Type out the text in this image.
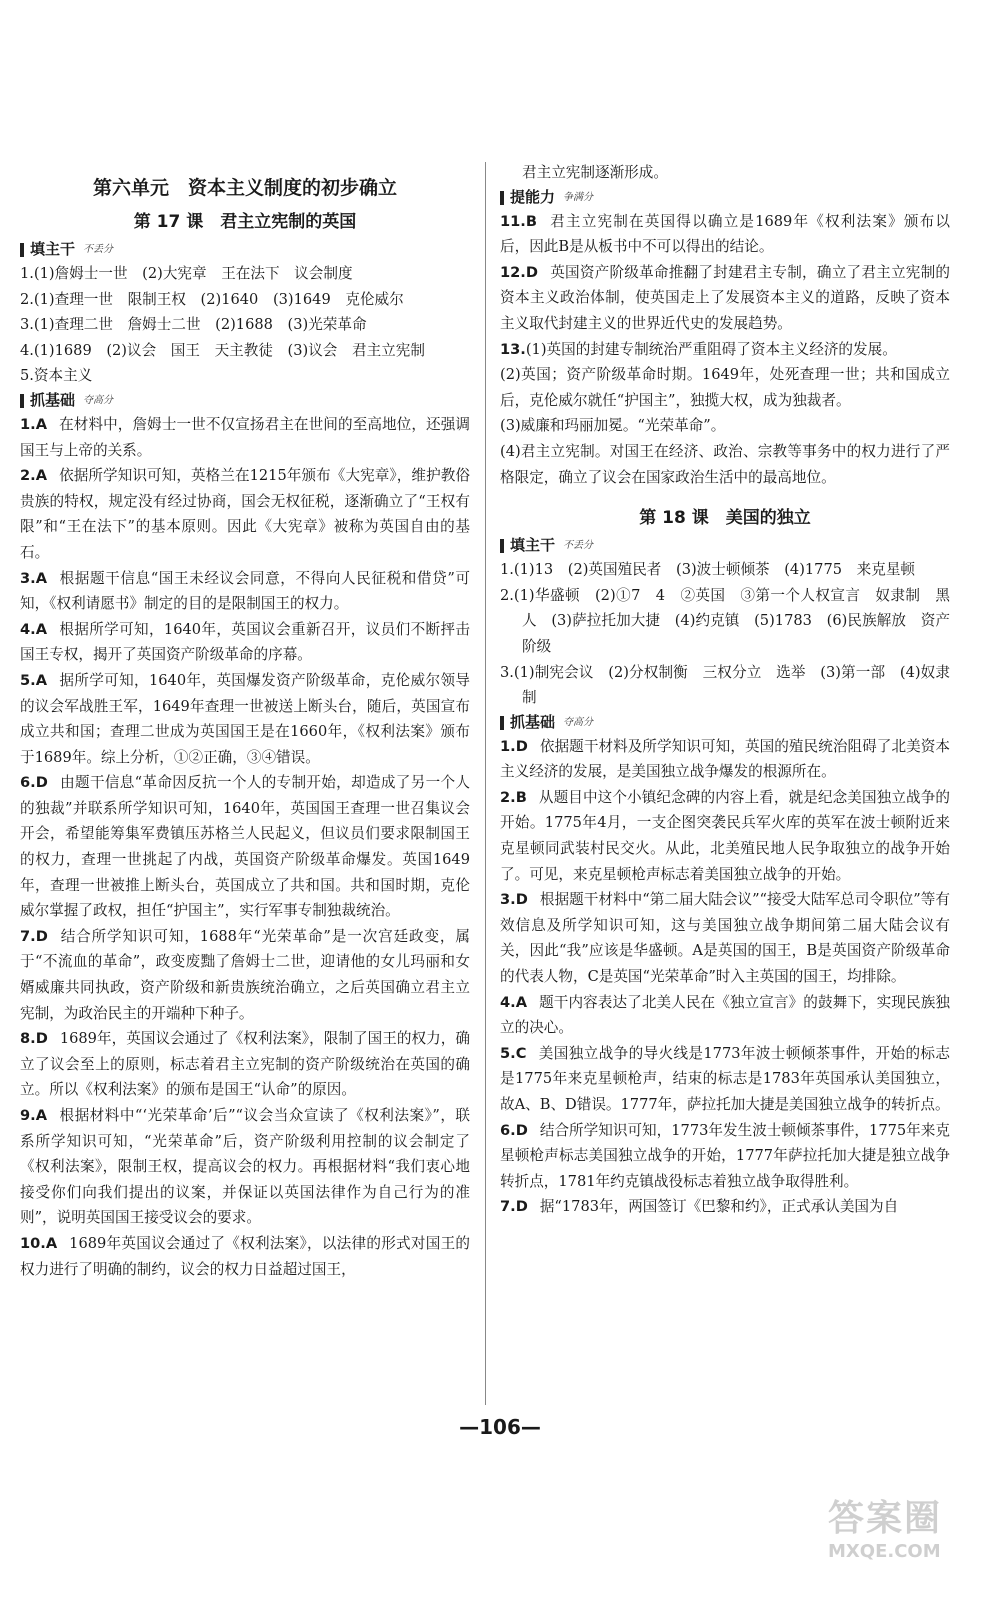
第六单元　资本主义制度的初步确立
第 17 课　君主立宪制的英国
填主干 不丢分
1.(1)詹姆士一世　(2)大宪章　王在法下　议会制度
2.(1)查理一世　限制王权　(2)1640　(3)1649　克伦威尔
3.(1)查理二世　詹姆士二世　(2)1688　(3)光荣革命
4.(1)1689　(2)议会　国王　天主教徒　(3)议会　君主立宪制
5.资本主义
抓基础 夺高分
1.A 在材料中，詹姆士一世不仅宣扬君主在世间的至高地位，还强调国王与上帝的关系。
2.A 依据所学知识可知，英格兰在1215年颁布《大宪章》，维护教俗贵族的特权，规定没有经过协商，国会无权征税，逐渐确立了“王权有限”和“王在法下”的基本原则。因此《大宪章》被称为英国自由的基石。
3.A 根据题干信息“国王未经议会同意，不得向人民征税和借贷”可知，《权利请愿书》制定的目的是限制国王的权力。
4.A 根据所学可知，1640年，英国议会重新召开，议员们不断抨击国王专权，揭开了英国资产阶级革命的序幕。
5.A 据所学可知，1640年，英国爆发资产阶级革命，克伦威尔领导的议会军战胜王军，1649年查理一世被送上断头台，随后，英国宣布成立共和国；查理二世成为英国国王是在1660年，《权利法案》颁布于1689年。综上分析，①②正确，③④错误。
6.D 由题干信息“革命因反抗一个人的专制开始，却造成了另一个人的独裁”并联系所学知识可知，1640年，英国国王查理一世召集议会开会，希望能筹集军费镇压苏格兰人民起义，但议员们要求限制国王的权力，查理一世挑起了内战，英国资产阶级革命爆发。英国1649年，查理一世被推上断头台，英国成立了共和国。共和国时期，克伦威尔掌握了政权，担任“护国主”，实行军事专制独裁统治。
7.D 结合所学知识可知，1688年“光荣革命”是一次宫廷政变，属于“不流血的革命”，政变废黜了詹姆士二世，迎请他的女儿玛丽和女婿威廉共同执政，资产阶级和新贵族统治确立，之后英国确立君主立宪制，为政治民主的开端种下种子。
8.D 1689年，英国议会通过了《权利法案》，限制了国王的权力，确立了议会至上的原则，标志着君主立宪制的资产阶级统治在英国的确立。所以《权利法案》的颁布是国王“认命”的原因。
9.A 根据材料中“‘光荣革命’后”“议会当众宣读了《权利法案》”，联系所学知识可知，“光荣革命”后，资产阶级利用控制的议会制定了《权利法案》，限制王权，提高议会的权力。再根据材料“我们衷心地接受你们向我们提出的议案，并保证以英国法律作为自己行为的准则”，说明英国国王接受议会的要求。
10.A 1689年英国议会通过了《权利法案》，以法律的形式对国王的权力进行了明确的制约，议会的权力日益超过国王，
君主立宪制逐渐形成。
提能力 争满分
11.B 君主立宪制在英国得以确立是1689年《权利法案》颁布以后，因此B是从板书中不可以得出的结论。
12.D 英国资产阶级革命推翻了封建君主专制，确立了君主立宪制的资本主义政治体制，使英国走上了发展资本主义的道路，反映了资本主义取代封建主义的世界近代史的发展趋势。
13.(1)英国的封建专制统治严重阻碍了资本主义经济的发展。
(2)英国；资产阶级革命时期。1649年，处死查理一世；共和国成立后，克伦威尔就任“护国主”，独揽大权，成为独裁者。
(3)威廉和玛丽加冕。“光荣革命”。
(4)君主立宪制。对国王在经济、政治、宗教等事务中的权力进行了严格限定，确立了议会在国家政治生活中的最高地位。
第 18 课　美国的独立
填主干 不丢分
1.(1)13　(2)英国殖民者　(3)波士顿倾茶　(4)1775　来克星顿
2.(1)华盛顿　(2)①7　4　②英国　③第一个人权宣言　奴隶制　黑人　(3)萨拉托加大捷　(4)约克镇　(5)1783　(6)民族解放　资产阶级
3.(1)制宪会议　(2)分权制衡　三权分立　选举　(3)第一部　(4)奴隶制
抓基础 夺高分
1.D 依据题干材料及所学知识可知，英国的殖民统治阻碍了北美资本主义经济的发展，是美国独立战争爆发的根源所在。
2.B 从题目中这个小镇纪念碑的内容上看，就是纪念美国独立战争的开始。1775年4月，一支企图突袭民兵军火库的英军在波士顿附近来克星顿同武装村民交火。从此，北美殖民地人民争取独立的战争开始了。可见，来克星顿枪声标志着美国独立战争的开始。
3.D 根据题干材料中“第二届大陆会议”“接受大陆军总司令职位”等有效信息及所学知识可知，这与美国独立战争期间第二届大陆会议有关，因此“我”应该是华盛顿。A是英国的国王，B是英国资产阶级革命的代表人物，C是英国“光荣革命”时入主英国的国王，均排除。
4.A 题干内容表达了北美人民在《独立宣言》的鼓舞下，实现民族独立的决心。
5.C 美国独立战争的导火线是1773年波士顿倾茶事件，开始的标志是1775年来克星顿枪声，结束的标志是1783年英国承认美国独立，故A、B、D错误。1777年，萨拉托加大捷是美国独立战争的转折点。
6.D 结合所学知识可知，1773年发生波士顿倾茶事件，1775年来克星顿枪声标志美国独立战争的开始，1777年萨拉托加大捷是独立战争转折点，1781年约克镇战役标志着独立战争取得胜利。
7.D 据“1783年，两国签订《巴黎和约》，正式承认美国为自
—106—
答案圈
MXQE.COM
